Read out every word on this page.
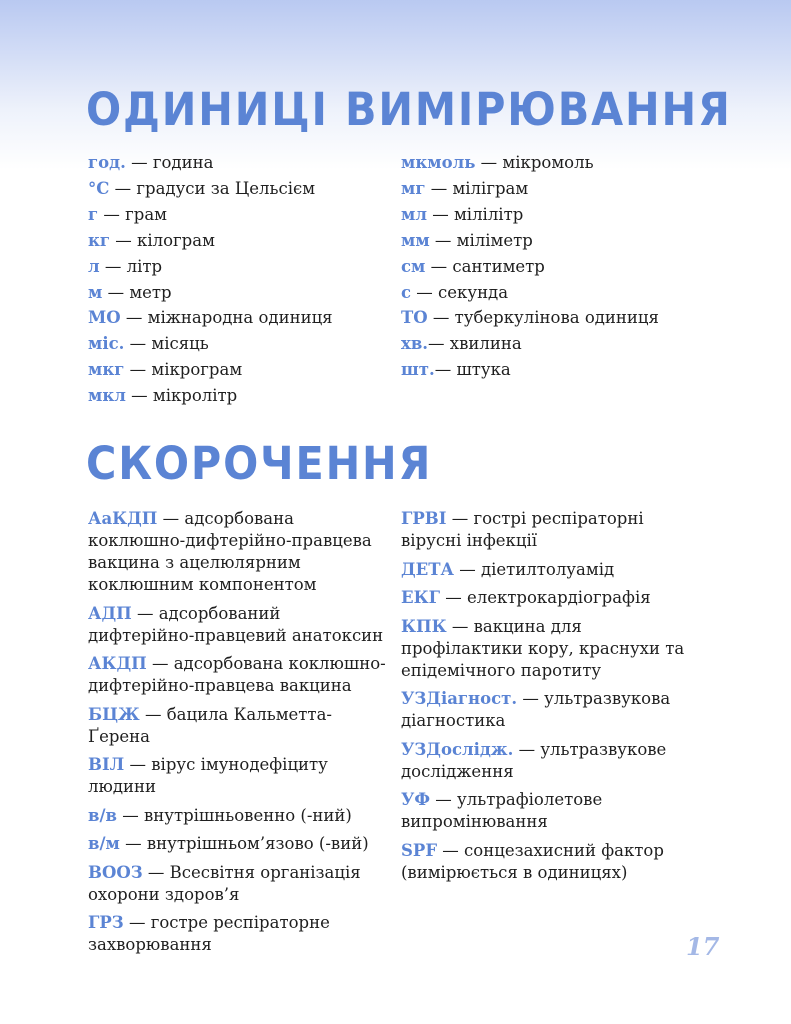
ОДИНИЦІ ВИМІРЮВАННЯ
год. — година
°С — градуси за Цельсієм
г — грам
кг — кілограм
л — літр
м — метр
МО — міжнародна одиниця
міс. — місяць
мкг — мікрограм
мкл — мікролітр
мкмоль — мікромоль
мг — міліграм
мл — мілілітр
мм — міліметр
см — сантиметр
с — секунда
ТО — туберкулінова одиниця
хв.— хвилина
шт.— штука
СКОРОЧЕННЯ
АаКДП — адсорбована коклюшно-дифтерійно-правцева вакцина з ацелюлярним коклюшним компонентом
АДП — адсорбований дифтерійно-правцевий анатоксин
АКДП — адсорбована коклюшно-дифтерійно-правцева вакцина
БЦЖ — бацила Кальметта-Ґерена
ВІЛ — вірус імунодефіциту людини
в/в — внутрішньовенно (-ний)
в/м — внутрішньом’язово (-вий)
ВООЗ — Всесвітня організація охорони здоров’я
ГРЗ — гостре респіраторне захворювання
ГРВІ — гострі респіраторні вірусні інфекції
ДЕТА — діетилтолуамід
ЕКГ — електрокардіографія
КПК — вакцина для профілактики кору, краснухи та епідемічного паротиту
УЗДіагност. — ультразвукова діагностика
УЗДослідж. — ультразвукове дослідження
УФ — ультрафіолетове випромінювання
SPF — сонцезахисний фактор (вимірюється в одиницях)
17
